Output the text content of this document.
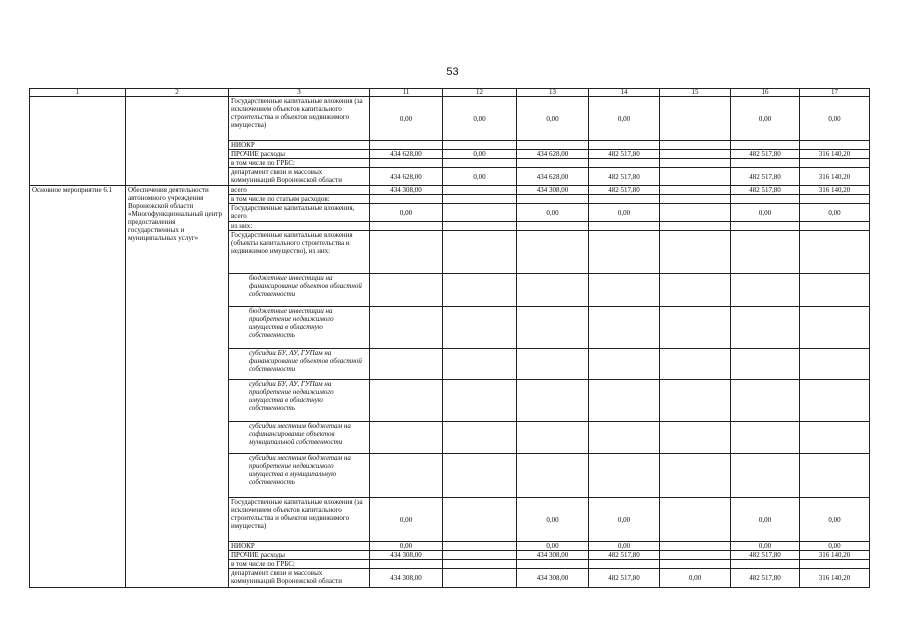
53
1	2	3	11	12	13	14	15	16	17
		Государственные капитальные вложения (за исключением объектов капитального строительства и объектов недвижимого имущества)	0,00	0,00	0,00	0,00		0,00	0,00
		НИОКР							
		ПРОЧИЕ расходы	434 628,00	0,00	434 628,00	482 517,80		482 517,80	316 140,20
		в том числе по ГРБС:							
		департамент связи и массовых коммуникаций Воронежской области	434 628,00	0,00	434 628,00	482 517,80		482 517,80	316 140,20
Основное мероприятие 6.1	Обеспечения деятельности автономного учреждения Воронежской области «Многофункциональный центр предоставления государственных и муниципальных услуг»	всего	434 308,00		434 308,00	482 517,80		482 517,80	316 140,20
		в том числе по статьям расходов:							
		Государственные капитальные вложения, всего	0,00		0,00	0,00		0,00	0,00
		из них:							
		Государственные капитальные вложения (объекты капитального строительства и недвижимое имущество), из них:							
		бюджетные инвестиции на финансирование объектов областной собственности							
		бюджетные инвестиции на приобретение недвижимого имущества в областную собственность							
		субсидии БУ, АУ, ГУПам на финансирование объектов областной собственности							
		субсидии БУ, АУ, ГУПам на приобретение недвижимого имущества в областную собственность							
		субсидии местным бюджетам на софинансирование объектов муниципальной собственности							
		субсидии местным бюджетам на приобретение недвижимого имущества в муниципальную собственность							
		Государственные капитальные вложения (за исключением объектов капитального строительства и объектов недвижимого имущества)	0,00		0,00	0,00		0,00	0,00
		НИОКР	0,00		0,00	0,00		0,00	0,00
		ПРОЧИЕ расходы	434 308,00		434 308,00	482 517,80		482 517,80	316 140,20
		в том числе по ГРБС:							
		департамент связи и массовых коммуникаций Воронежской области	434 308,00		434 308,00	482 517,80	0,00	482 517,80	316 140,20
